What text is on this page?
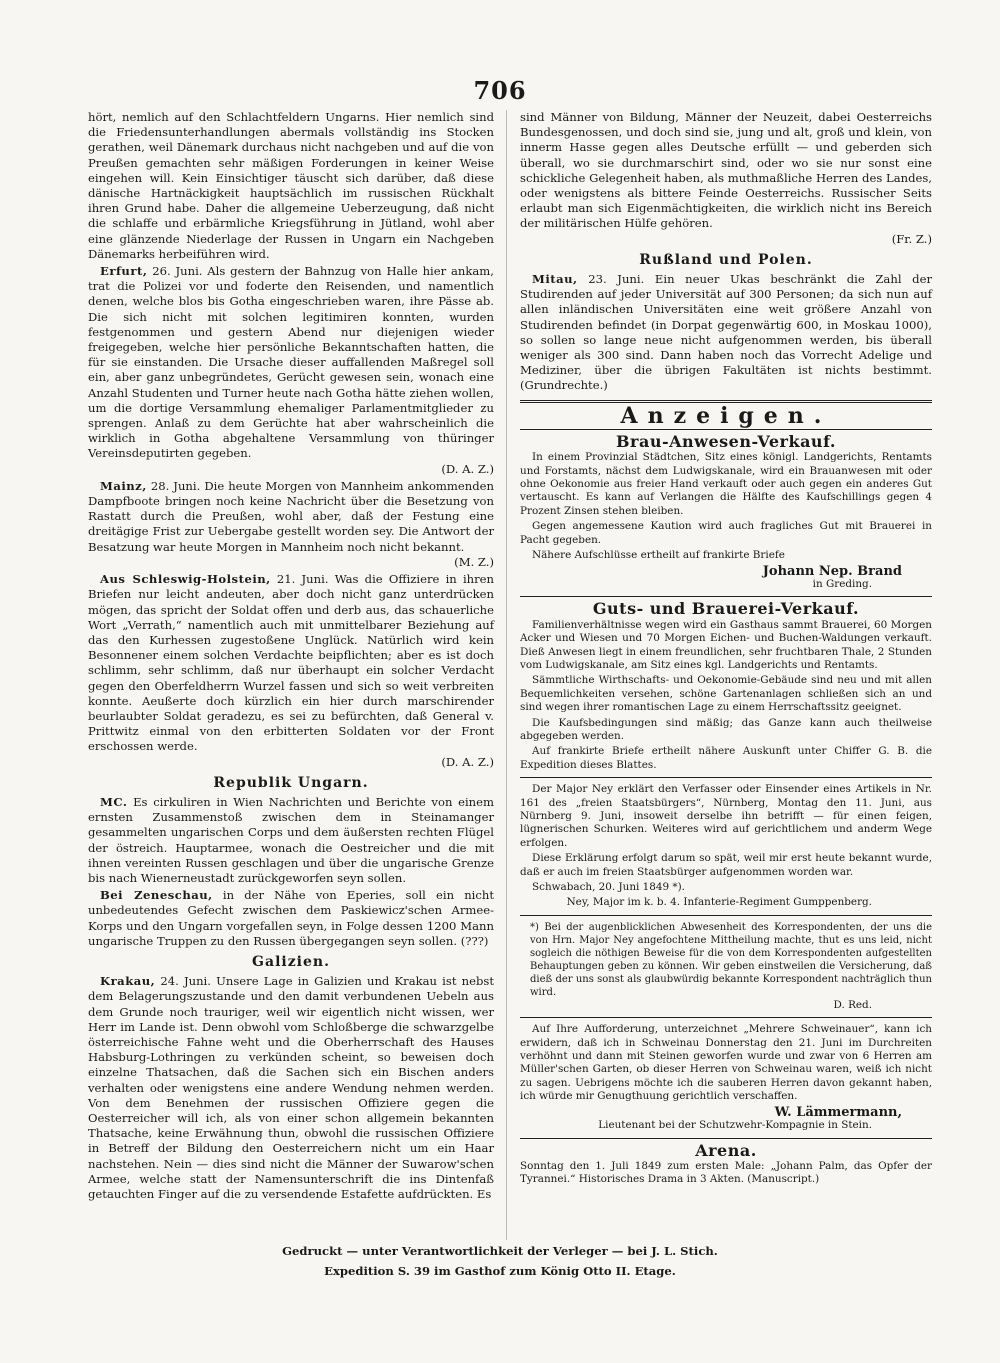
706

hört, nemlich auf den Schlachtfeldern Ungarns. Hier nemlich sind die Friedensunterhandlungen abermals vollständig ins Stocken gerathen, weil Dänemark durchaus nicht nachgeben und auf die von Preußen gemachten sehr mäßigen Forderungen in keiner Weise eingehen will. Kein Einsichtiger täuscht sich darüber, daß diese dänische Hartnäckigkeit hauptsächlich im russischen Rückhalt ihren Grund habe. Daher die allgemeine Ueberzeugung, daß nicht die schlaffe und erbärmliche Kriegsführung in Jütland, wohl aber eine glänzende Niederlage der Russen in Ungarn ein Nachgeben Dänemarks herbeiführen wird.

Erfurt, 26. Juni. Als gestern der Bahnzug von Halle hier ankam, trat die Polizei vor und foderte den Reisenden, und namentlich denen, welche blos bis Gotha eingeschrieben waren, ihre Pässe ab. Die sich nicht mit solchen legitimiren konnten, wurden festgenommen und gestern Abend nur diejenigen wieder freigegeben, welche hier persönliche Bekanntschaften hatten, die für sie einstanden. Die Ursache dieser auffallenden Maßregel soll ein, aber ganz unbegründetes, Gerücht gewesen sein, wonach eine Anzahl Studenten und Turner heute nach Gotha hätte ziehen wollen, um die dortige Versammlung ehemaliger Parlamentmitglieder zu sprengen. Anlaß zu dem Gerüchte hat aber wahrscheinlich die wirklich in Gotha abgehaltene Versammlung von thüringer Vereinsdeputirten gegeben.
(D. A. Z.)

Mainz, 28. Juni. Die heute Morgen von Mannheim ankommenden Dampfboote bringen noch keine Nachricht über die Besetzung von Rastatt durch die Preußen, wohl aber, daß der Festung eine dreitägige Frist zur Uebergabe gestellt worden sey. Die Antwort der Besatzung war heute Morgen in Mannheim noch nicht bekannt.
(M. Z.)

Aus Schleswig-Holstein, 21. Juni. Was die Offiziere in ihren Briefen nur leicht andeuten, aber doch nicht ganz unterdrücken mögen, das spricht der Soldat offen und derb aus, das schauerliche Wort „Verrath,“ namentlich auch mit unmittelbarer Beziehung auf das den Kurhessen zugestoßene Unglück. Natürlich wird kein Besonnener einem solchen Verdachte beipflichten; aber es ist doch schlimm, sehr schlimm, daß nur überhaupt ein solcher Verdacht gegen den Oberfeldherrn Wurzel fassen und sich so weit verbreiten konnte. Aeußerte doch kürzlich ein hier durch marschirender beurlaubter Soldat geradezu, es sei zu befürchten, daß General v. Prittwitz einmal von den erbitterten Soldaten vor der Front erschossen werde.
(D. A. Z.)

Republik Ungarn.

MC. Es cirkuliren in Wien Nachrichten und Berichte von einem ernsten Zusammenstoß zwischen dem in Steinamanger gesammelten ungarischen Corps und dem äußersten rechten Flügel der östreich. Hauptarmee, wonach die Oestreicher und die mit ihnen vereinten Russen geschlagen und über die ungarische Grenze bis nach Wienerneustadt zurückgeworfen seyn sollen.

Bei Zeneschau, in der Nähe von Eperies, soll ein nicht unbedeutendes Gefecht zwischen dem Paskiewicz'schen Armee-Korps und den Ungarn vorgefallen seyn, in Folge dessen 1200 Mann ungarische Truppen zu den Russen übergegangen seyn sollen. (???)

Galizien.

Krakau, 24. Juni. Unsere Lage in Galizien und Krakau ist nebst dem Belagerungszustande und den damit verbundenen Uebeln aus dem Grunde noch trauriger, weil wir eigentlich nicht wissen, wer Herr im Lande ist. Denn obwohl vom Schloßberge die schwarzgelbe österreichische Fahne weht und die Oberherrschaft des Hauses Habsburg-Lothringen zu verkünden scheint, so beweisen doch einzelne Thatsachen, daß die Sachen sich ein Bischen anders verhalten oder wenigstens eine andere Wendung nehmen werden. Von dem Benehmen der russischen Offiziere gegen die Oesterreicher will ich, als von einer schon allgemein bekannten Thatsache, keine Erwähnung thun, obwohl die russischen Offiziere in Betreff der Bildung den Oesterreichern nicht um ein Haar nachstehen. Nein — dies sind nicht die Männer der Suwarow'schen Armee, welche statt der Namensunterschrift die ins Dintenfaß getauchten Finger auf die zu versendende Estafette aufdrückten. Es

sind Männer von Bildung, Männer der Neuzeit, dabei Oesterreichs Bundesgenossen, und doch sind sie, jung und alt, groß und klein, von innerm Hasse gegen alles Deutsche erfüllt — und geberden sich überall, wo sie durchmarschirt sind, oder wo sie nur sonst eine schickliche Gelegenheit haben, als muthmaßliche Herren des Landes, oder wenigstens als bittere Feinde Oesterreichs. Russischer Seits erlaubt man sich Eigenmächtigkeiten, die wirklich nicht ins Bereich der militärischen Hülfe gehören.
(Fr. Z.)

Rußland und Polen.

Mitau, 23. Juni. Ein neuer Ukas beschränkt die Zahl der Studirenden auf jeder Universität auf 300 Personen; da sich nun auf allen inländischen Universitäten eine weit größere Anzahl von Studirenden befindet (in Dorpat gegenwärtig 600, in Moskau 1000), so sollen so lange neue nicht aufgenommen werden, bis überall weniger als 300 sind. Dann haben noch das Vorrecht Adelige und Mediziner, über die übrigen Fakultäten ist nichts bestimmt. (Grundrechte.)

Anzeigen.
Brau-Anwesen-Verkauf.

In einem Provinzial Städtchen, Sitz eines königl. Landgerichts, Rentamts und Forstamts, nächst dem Ludwigskanale, wird ein Brauanwesen mit oder ohne Oekonomie aus freier Hand verkauft oder auch gegen ein anderes Gut vertauscht. Es kann auf Verlangen die Hälfte des Kaufschillings gegen 4 Prozent Zinsen stehen bleiben.

Gegen angemessene Kaution wird auch fragliches Gut mit Brauerei in Pacht gegeben.

Nähere Aufschlüsse ertheilt auf frankirte Briefe

Johann Nep. Brand
in Greding.
Guts- und Brauerei-Verkauf.

Familienverhältnisse wegen wird ein Gasthaus sammt Brauerei, 60 Morgen Acker und Wiesen und 70 Morgen Eichen- und Buchen-Waldungen verkauft. Dieß Anwesen liegt in einem freundlichen, sehr fruchtbaren Thale, 2 Stunden vom Ludwigskanale, am Sitz eines kgl. Landgerichts und Rentamts.

Sämmtliche Wirthschafts- und Oekonomie-Gebäude sind neu und mit allen Bequemlichkeiten versehen, schöne Gartenanlagen schließen sich an und sind wegen ihrer romantischen Lage zu einem Herrschaftssitz geeignet.

Die Kaufsbedingungen sind mäßig; das Ganze kann auch theilweise abgegeben werden.

Auf frankirte Briefe ertheilt nähere Auskunft unter Chiffer G. B. die Expedition dieses Blattes.

Der Major Ney erklärt den Verfasser oder Einsender eines Artikels in Nr. 161 des „freien Staatsbürgers“, Nürnberg, Montag den 11. Juni, aus Nürnberg 9. Juni, insoweit derselbe ihn betrifft — für einen feigen, lügnerischen Schurken. Weiteres wird auf gerichtlichem und anderm Wege erfolgen.

Diese Erklärung erfolgt darum so spät, weil mir erst heute bekannt wurde, daß er auch im freien Staatsbürger aufgenommen worden war.

Schwabach, 20. Juni 1849 *).

Ney, Major im k. b. 4. Infanterie-Regiment Gumppenberg.
*) Bei der augenblicklichen Abwesenheit des Korrespondenten, der uns die von Hrn. Major Ney angefochtene Mittheilung machte, thut es uns leid, nicht sogleich die nöthigen Beweise für die von dem Korrespondenten aufgestellten Behauptungen geben zu können. Wir geben einstweilen die Versicherung, daß dieß der uns sonst als glaubwürdig bekannte Korrespondent nachträglich thun wird.
D. Red.

Auf Ihre Aufforderung, unterzeichnet „Mehrere Schweinauer“, kann ich erwidern, daß ich in Schweinau Donnerstag den 21. Juni im Durchreiten verhöhnt und dann mit Steinen geworfen wurde und zwar von 6 Herren am Müller'schen Garten, ob dieser Herren von Schweinau waren, weiß ich nicht zu sagen. Uebrigens möchte ich die sauberen Herren davon gekannt haben, ich würde mir Genugthuung gerichtlich verschaffen.

W. Lämmermann,
Lieutenant bei der Schutzwehr-Kompagnie in Stein.
Arena.

Sonntag den 1. Juli 1849 zum ersten Male: „Johann Palm, das Opfer der Tyrannei.“ Historisches Drama in 3 Akten. (Manuscript.)

Gedruckt — unter Verantwortlichkeit der Verleger — bei J. L. Stich.
Expedition S. 39 im Gasthof zum König Otto II. Etage.
